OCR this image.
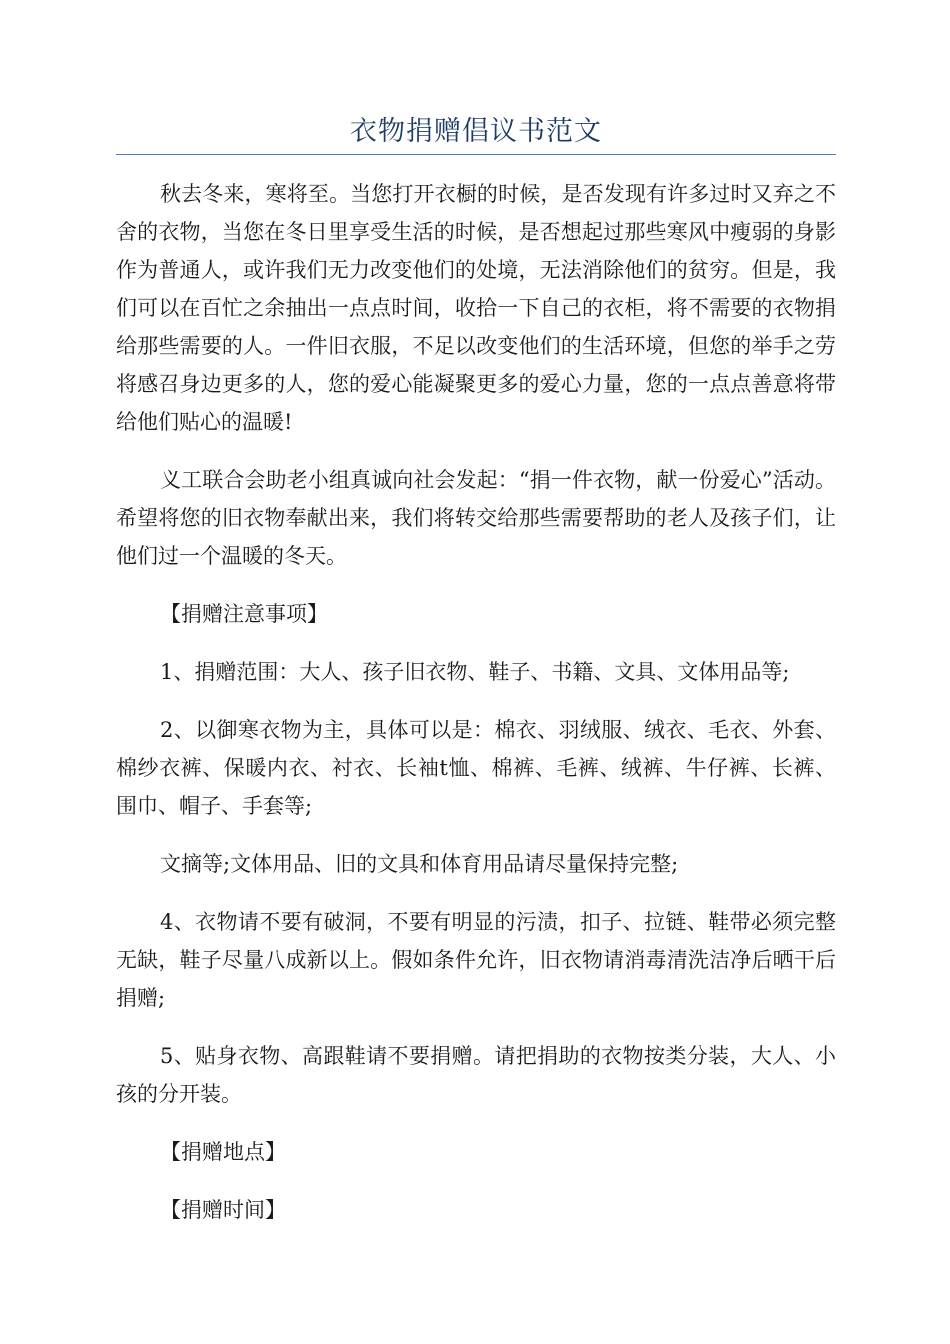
衣物捐赠倡议书范文

秋去冬来，寒将至。当您打开衣橱的时候，是否发现有许多过时又弃之不舍的衣物，当您在冬日里享受生活的时候，是否想起过那些寒风中瘦弱的身影作为普通人，或许我们无力改变他们的处境，无法消除他们的贫穷。但是，我们可以在百忙之余抽出一点点时间，收拾一下自己的衣柜，将不需要的衣物捐给那些需要的人。一件旧衣服，不足以改变他们的生活环境，但您的举手之劳将感召身边更多的人，您的爱心能凝聚更多的爱心力量，您的一点点善意将带给他们贴心的温暖!

义工联合会助老小组真诚向社会发起：“捐一件衣物，献一份爱心”活动。希望将您的旧衣物奉献出来，我们将转交给那些需要帮助的老人及孩子们，让他们过一个温暖的冬天。

【捐赠注意事项】

1、捐赠范围：大人、孩子旧衣物、鞋子、书籍、文具、文体用品等;

2、以御寒衣物为主，具体可以是：棉衣、羽绒服、绒衣、毛衣、外套、棉纱衣裤、保暖内衣、衬衣、长袖t恤、棉裤、毛裤、绒裤、牛仔裤、长裤、围巾、帽子、手套等;

文摘等;文体用品、旧的文具和体育用品请尽量保持完整;

4、衣物请不要有破洞，不要有明显的污渍，扣子、拉链、鞋带必须完整无缺，鞋子尽量八成新以上。假如条件允许，旧衣物请消毒清洗洁净后晒干后捐赠;

5、贴身衣物、高跟鞋请不要捐赠。请把捐助的衣物按类分装，大人、小孩的分开装。

【捐赠地点】

【捐赠时间】
